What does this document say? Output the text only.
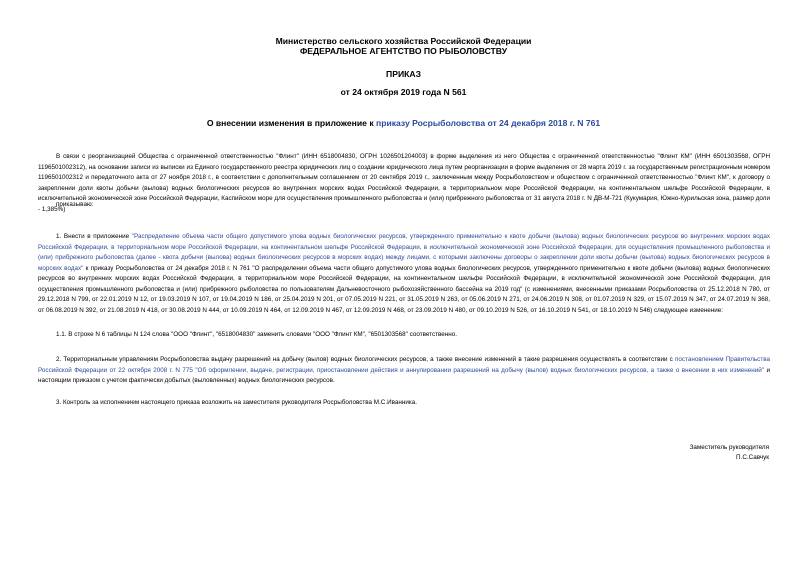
Министерство сельского хозяйства Российской Федерации
ФЕДЕРАЛЬНОЕ АГЕНТСТВО ПО РЫБОЛОВСТВУ
ПРИКАЗ
от 24 октября 2019 года N 561
О внесении изменения в приложение к приказу Росрыболовства от 24 декабря 2018 г. N 761
В связи с реорганизацией Общества с ограниченной ответственностью "Флинт" (ИНН 6518004830, ОГРН 1026501204003) в форме выделения из него Общества с ограниченной ответственностью "Флинт КМ" (ИНН 6501303568, ОГРН 1196501002312), на основании записи из выписки из Единого государственного реестра юридических лиц о создании юридического лица путем реорганизации в форме выделения от 28 марта 2019 г. за государственным регистрационным номером 1196501002312 и передаточного акта от 27 ноября 2018 г., в соответствии с дополнительным соглашением от 20 сентября 2019 г., заключенным между Росрыболовством и обществом с ограниченной ответственностью "Флинт КМ", к договору о закреплении доли квоты добычи (вылова) водных биологических ресурсов во внутренних морских водах Российской Федерации, в территориальном море Российской Федерации, на континентальном шельфе Российской Федерации, в исключительной экономической зоне Российской Федерации, Каспийском море для осуществления промышленного рыболовства и (или) прибрежного рыболовства от 31 августа 2018 г. N ДВ-М-721 (Кукумария, Южно-Курильская зона, размер доли - 1,385%)
приказываю:
1. Внести в приложение "Распределение объема части общего допустимого улова водных биологических ресурсов, утвержденного применительно к квоте добычи (вылова) водных биологических ресурсов во внутренних морских водах Российской Федерации, в территориальном море Российской Федерации, на континентальном шельфе Российской Федерации, в исключительной экономической зоне Российской Федерации, для осуществления промышленного рыболовства и (или) прибрежного рыболовства (далее - квота добычи (вылова) водных биологических ресурсов в морских водах) между лицами, с которыми заключены договоры о закреплении доли квоты добычи (вылова) водных биологических ресурсов в морских водах" к приказу Росрыболовства от 24 декабря 2018 г. N 761 "О распределении объема части общего допустимого улова водных биологических ресурсов, утвержденного применительно к квоте добычи (вылова) водных биологических ресурсов во внутренних морских водах Российской Федерации, в территориальном море Российской Федерации, на континентальном шельфе Российской Федерации, в исключительной экономической зоне Российской Федерации, для осуществления промышленного рыболовства и (или) прибрежного рыболовства по пользователям Дальневосточного рыбохозяйственного бассейна на 2019 год" (с изменениями, внесенными приказами Росрыболовства от 25.12.2018 N 780, от 29.12.2018 N 799, от 22.01.2019 N 12, от 19.03.2019 N 107, от 19.04.2019 N 186, от 25.04.2019 N 201, от 07.05.2019 N 221, от 31.05.2019 N 263, от 05.06.2019 N 271, от 24.06.2019 N 308, от 01.07.2019 N 329, от 15.07.2019 N 347, от 24.07.2019 N 368, от 06.08.2019 N 392, от 21.08.2019 N 418, от 30.08.2019 N 444, от 10.09.2019 N 464, от 12.09.2019 N 467, от 12.09.2019 N 468, от 23.09.2019 N 480, от 09.10.2019 N 526, от 16.10.2019 N 541, от 18.10.2019 N 546) следующее изменение:
1.1. В строке N 6 таблицы N 124 слова "ООО "Флинт", "6518004830" заменить словами "ООО "Флинт КМ", "6501303568" соответственно.
2. Территориальным управлениям Росрыболовства выдачу разрешений на добычу (вылов) водных биологических ресурсов, а также внесение изменений в такие разрешения осуществлять в соответствии с постановлением Правительства Российской Федерации от 22 октября 2008 г. N 775 "Об оформлении, выдаче, регистрации, приостановлении действия и аннулировании разрешений на добычу (вылов) водных биологических ресурсов, а также о внесении в них изменений" и настоящим приказом с учетом фактически добытых (выловленных) водных биологических ресурсов.
3. Контроль за исполнением настоящего приказа возложить на заместителя руководителя Росрыболовства М.С.Иванника.
Заместитель руководителя
П.С.Савчук
